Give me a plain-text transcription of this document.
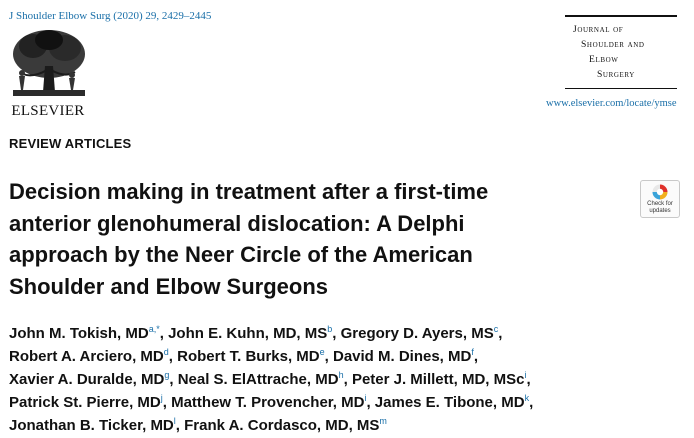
J Shoulder Elbow Surg (2020) 29, 2429–2445
ELSEVIER
Journal of
Shoulder and
Elbow
Surgery
www.elsevier.com/locate/ymse
REVIEW ARTICLES
Decision making in treatment after a first-time
anterior glenohumeral dislocation: A Delphi
approach by the Neer Circle of the American
Shoulder and Elbow Surgeons
Check for
updates
John M. Tokish, MD$^{a,*}$, John E. Kuhn, MD, MS$^b$, Gregory D. Ayers, MS$^c$,
Robert A. Arciero, MD$^d$, Robert T. Burks, MDe, David M. Dines, MD$^f$,
Xavier A. Duralde, MD$^g$, Neal S. ElAttrache, MD$^h$, Peter J. Millett, MD, MSc$^i$,
Patrick St. Pierre, MD$^j$, Matthew T. Provencher, MD$^i$, James E. Tibone, MD$^k$,
Jonathan B. Ticker, MD$^l$, Frank A. Cordasco, MD, MS$^m$
